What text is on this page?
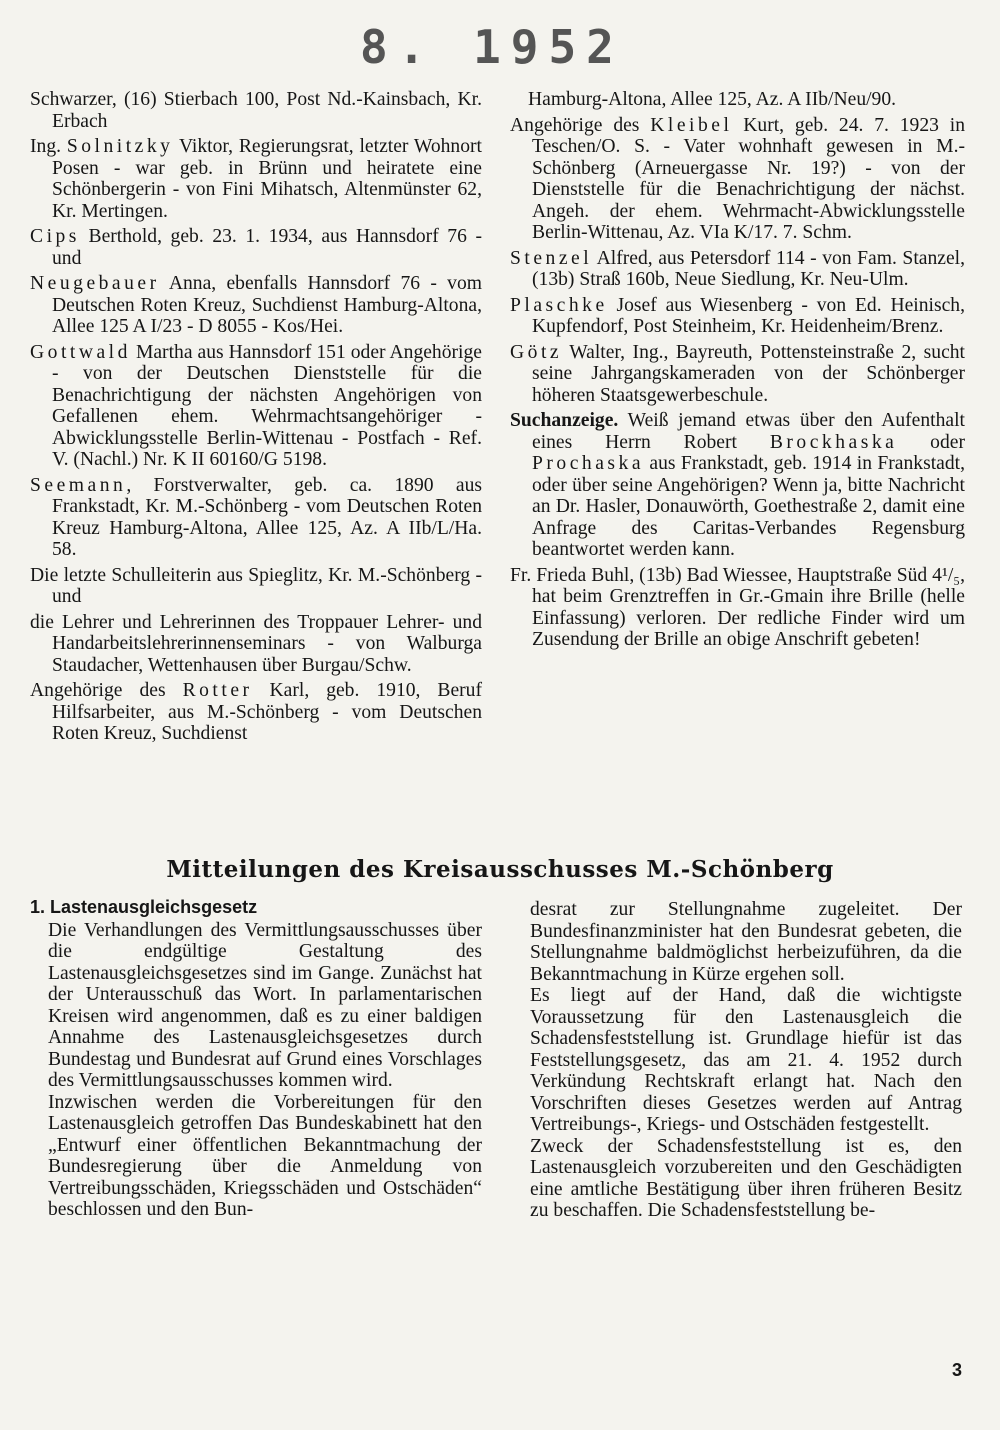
8. 1952

Schwarzer, (16) Stierbach 100, Post Nd.-Kainsbach, Kr. Erbach

Ing. Solnitzky Viktor, Regierungsrat, letzter Wohnort Posen - war geb. in Brünn und heiratete eine Schönbergerin - von Fini Mihatsch, Altenmünster 62, Kr. Mertingen.

Cips Berthold, geb. 23. 1. 1934, aus Hannsdorf 76 - und

Neugebauer Anna, ebenfalls Hannsdorf 76 - vom Deutschen Roten Kreuz, Suchdienst Hamburg-Altona, Allee 125 A I/23 - D 8055 - Kos/Hei.

Gottwald Martha aus Hannsdorf 151 oder Angehörige - von der Deutschen Dienststelle für die Benachrichtigung der nächsten Angehörigen von Gefallenen ehem. Wehrmachtsangehöriger - Abwicklungsstelle Berlin-Wittenau - Postfach - Ref. V. (Nachl.) Nr. K II 60160/G 5198.

Seemann, Forstverwalter, geb. ca. 1890 aus Frankstadt, Kr. M.-Schönberg - vom Deutschen Roten Kreuz Hamburg-Altona, Allee 125, Az. A IIb/L/Ha. 58.

Die letzte Schulleiterin aus Spieglitz, Kr. M.-Schönberg - und

die Lehrer und Lehrerinnen des Troppauer Lehrer- und Handarbeitslehrerinnenseminars - von Walburga Staudacher, Wettenhausen über Burgau/Schw.

Angehörige des Rotter Karl, geb. 1910, Beruf Hilfsarbeiter, aus M.-Schönberg - vom Deutschen Roten Kreuz, Suchdienst

Hamburg-Altona, Allee 125, Az. A IIb/Neu/90.

Angehörige des Kleibel Kurt, geb. 24. 7. 1923 in Teschen/O. S. - Vater wohnhaft gewesen in M.-Schönberg (Arneuergasse Nr. 19?) - von der Dienststelle für die Benachrichtigung der nächst. Angeh. der ehem. Wehrmacht-Abwicklungsstelle Berlin-Wittenau, Az. VIa K/17. 7. Schm.

Stenzel Alfred, aus Petersdorf 114 - von Fam. Stanzel, (13b) Straß 160b, Neue Siedlung, Kr. Neu-Ulm.

Plaschke Josef aus Wiesenberg - von Ed. Heinisch, Kupfendorf, Post Steinheim, Kr. Heidenheim/Brenz.

Götz Walter, Ing., Bayreuth, Pottensteinstraße 2, sucht seine Jahrgangskameraden von der Schönberger höheren Staatsgewerbeschule.

Suchanzeige. Weiß jemand etwas über den Aufenthalt eines Herrn Robert Brockhaska oder Prochaska aus Frankstadt, geb. 1914 in Frankstadt, oder über seine Angehörigen? Wenn ja, bitte Nachricht an Dr. Hasler, Donauwörth, Goethestraße 2, damit eine Anfrage des Caritas-Verbandes Regensburg beantwortet werden kann.

Fr. Frieda Buhl, (13b) Bad Wiessee, Hauptstraße Süd 4¹/₅, hat beim Grenztreffen in Gr.-Gmain ihre Brille (helle Einfassung) verloren. Der redliche Finder wird um Zusendung der Brille an obige Anschrift gebeten!

Mitteilungen des Kreisausschusses M.-Schönberg
1. Lastenausgleichsgesetz

Die Verhandlungen des Vermittlungsausschusses über die endgültige Gestaltung des Lastenausgleichsgesetzes sind im Gange. Zunächst hat der Unterausschuß das Wort. In parlamentarischen Kreisen wird angenommen, daß es zu einer baldigen Annahme des Lastenausgleichsgesetzes durch Bundestag und Bundesrat auf Grund eines Vorschlages des Vermittlungsausschusses kommen wird.

Inzwischen werden die Vorbereitungen für den Lastenausgleich getroffen Das Bundeskabinett hat den „Entwurf einer öffentlichen Bekanntmachung der Bundesregierung über die Anmeldung von Vertreibungsschäden, Kriegsschäden und Ostschäden“ beschlossen und den Bun-

desrat zur Stellungnahme zugeleitet. Der Bundesfinanzminister hat den Bundesrat gebeten, die Stellungnahme baldmöglichst herbeizuführen, da die Bekanntmachung in Kürze ergehen soll.

Es liegt auf der Hand, daß die wichtigste Voraussetzung für den Lastenausgleich die Schadensfeststellung ist. Grundlage hiefür ist das Feststellungsgesetz, das am 21. 4. 1952 durch Verkündung Rechtskraft erlangt hat. Nach den Vorschriften dieses Gesetzes werden auf Antrag Vertreibungs-, Kriegs- und Ostschäden festgestellt.

Zweck der Schadensfeststellung ist es, den Lastenausgleich vorzubereiten und den Geschädigten eine amtliche Bestätigung über ihren früheren Besitz zu beschaffen. Die Schadensfeststellung be-

3
